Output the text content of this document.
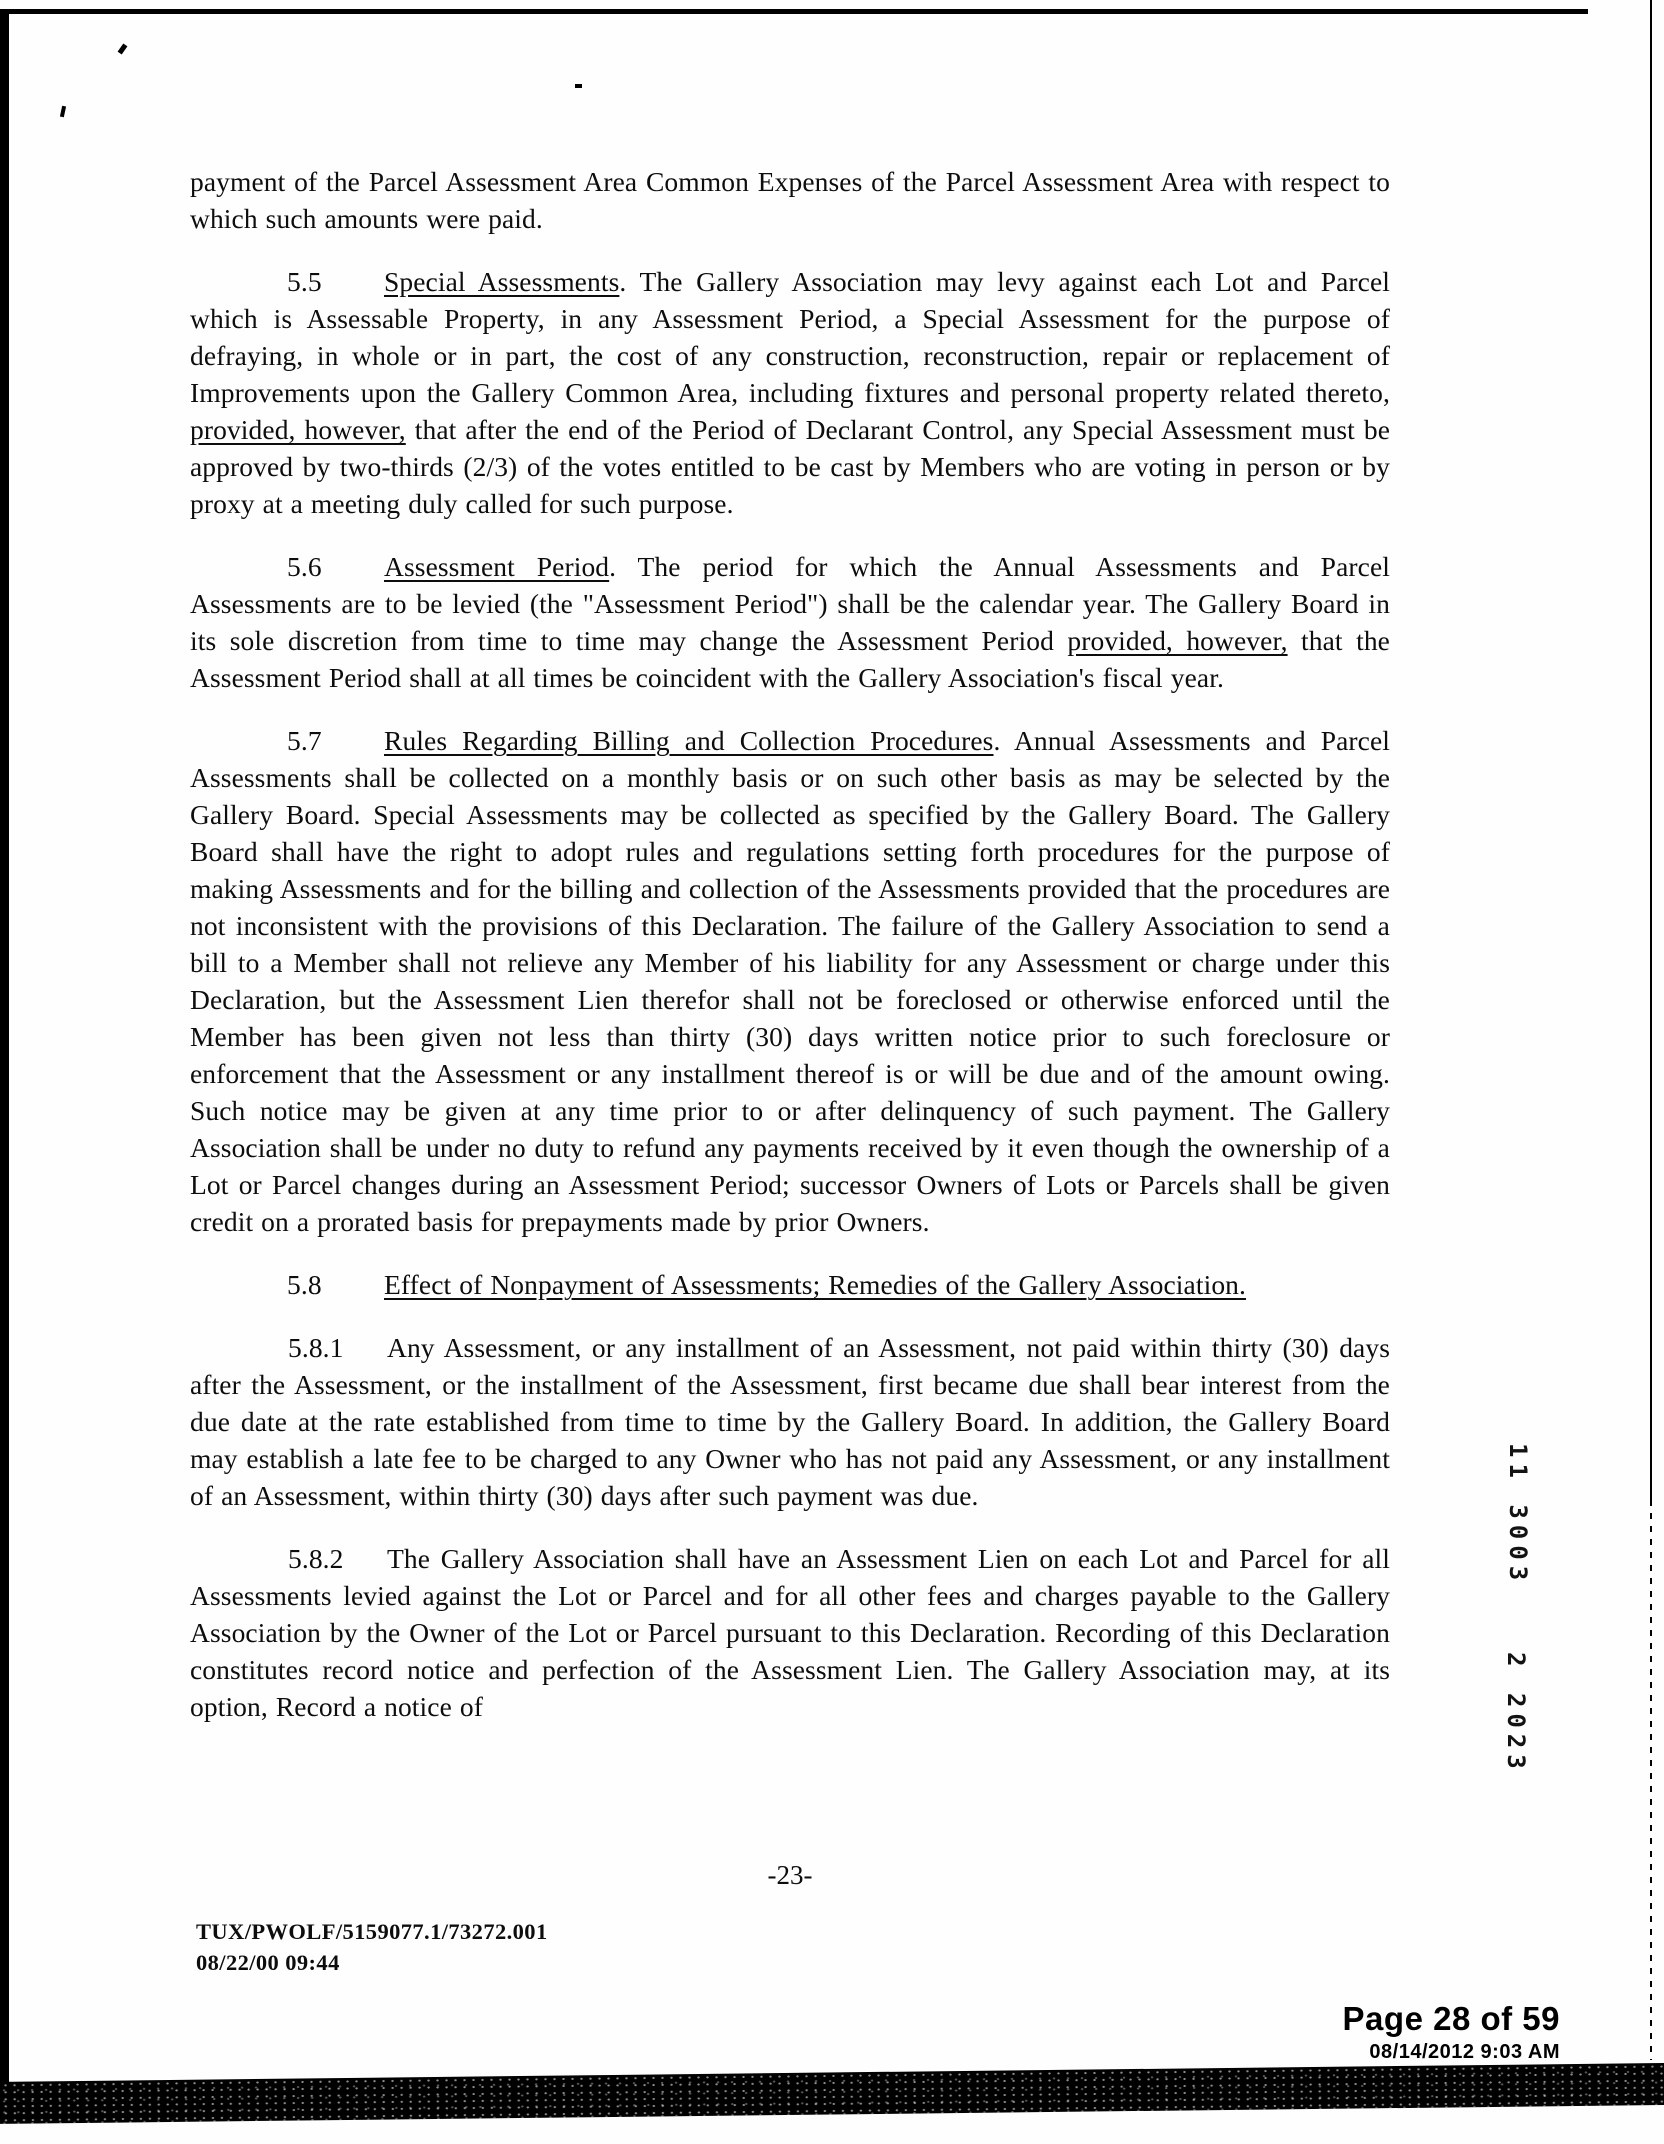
payment of the Parcel Assessment Area Common Expenses of the Parcel Assessment Area with respect to which such amounts were paid.

5.5 Special Assessments. The Gallery Association may levy against each Lot and Parcel which is Assessable Property, in any Assessment Period, a Special Assessment for the purpose of defraying, in whole or in part, the cost of any construction, reconstruction, repair or replacement of Improvements upon the Gallery Common Area, including fixtures and personal property related thereto, provided, however, that after the end of the Period of Declarant Control, any Special Assessment must be approved by two-thirds (2/3) of the votes entitled to be cast by Members who are voting in person or by proxy at a meeting duly called for such purpose.

5.6 Assessment Period. The period for which the Annual Assessments and Parcel Assessments are to be levied (the "Assessment Period") shall be the calendar year. The Gallery Board in its sole discretion from time to time may change the Assessment Period provided, however, that the Assessment Period shall at all times be coincident with the Gallery Association's fiscal year.

5.7 Rules Regarding Billing and Collection Procedures. Annual Assessments and Parcel Assessments shall be collected on a monthly basis or on such other basis as may be selected by the Gallery Board. Special Assessments may be collected as specified by the Gallery Board. The Gallery Board shall have the right to adopt rules and regulations setting forth procedures for the purpose of making Assessments and for the billing and collection of the Assessments provided that the procedures are not inconsistent with the provisions of this Declaration. The failure of the Gallery Association to send a bill to a Member shall not relieve any Member of his liability for any Assessment or charge under this Declaration, but the Assessment Lien therefor shall not be foreclosed or otherwise enforced until the Member has been given not less than thirty (30) days written notice prior to such foreclosure or enforcement that the Assessment or any installment thereof is or will be due and of the amount owing. Such notice may be given at any time prior to or after delinquency of such payment. The Gallery Association shall be under no duty to refund any payments received by it even though the ownership of a Lot or Parcel changes during an Assessment Period; successor Owners of Lots or Parcels shall be given credit on a prorated basis for prepayments made by prior Owners.

5.8 Effect of Nonpayment of Assessments; Remedies of the Gallery Association.

5.8.1 Any Assessment, or any installment of an Assessment, not paid within thirty (30) days after the Assessment, or the installment of the Assessment, first became due shall bear interest from the due date at the rate established from time to time by the Gallery Board. In addition, the Gallery Board may establish a late fee to be charged to any Owner who has not paid any Assessment, or any installment of an Assessment, within thirty (30) days after such payment was due.

5.8.2 The Gallery Association shall have an Assessment Lien on each Lot and Parcel for all Assessments levied against the Lot or Parcel and for all other fees and charges payable to the Gallery Association by the Owner of the Lot or Parcel pursuant to this Declaration. Recording of this Declaration constitutes record notice and perfection of the Assessment Lien. The Gallery Association may, at its option, Record a notice of

-23-
TUX/PWOLF/5159077.1/73272.001
08/22/00 09:44
Page 28 of 59
08/14/2012 9:03 AM
11 3003
2 2023
